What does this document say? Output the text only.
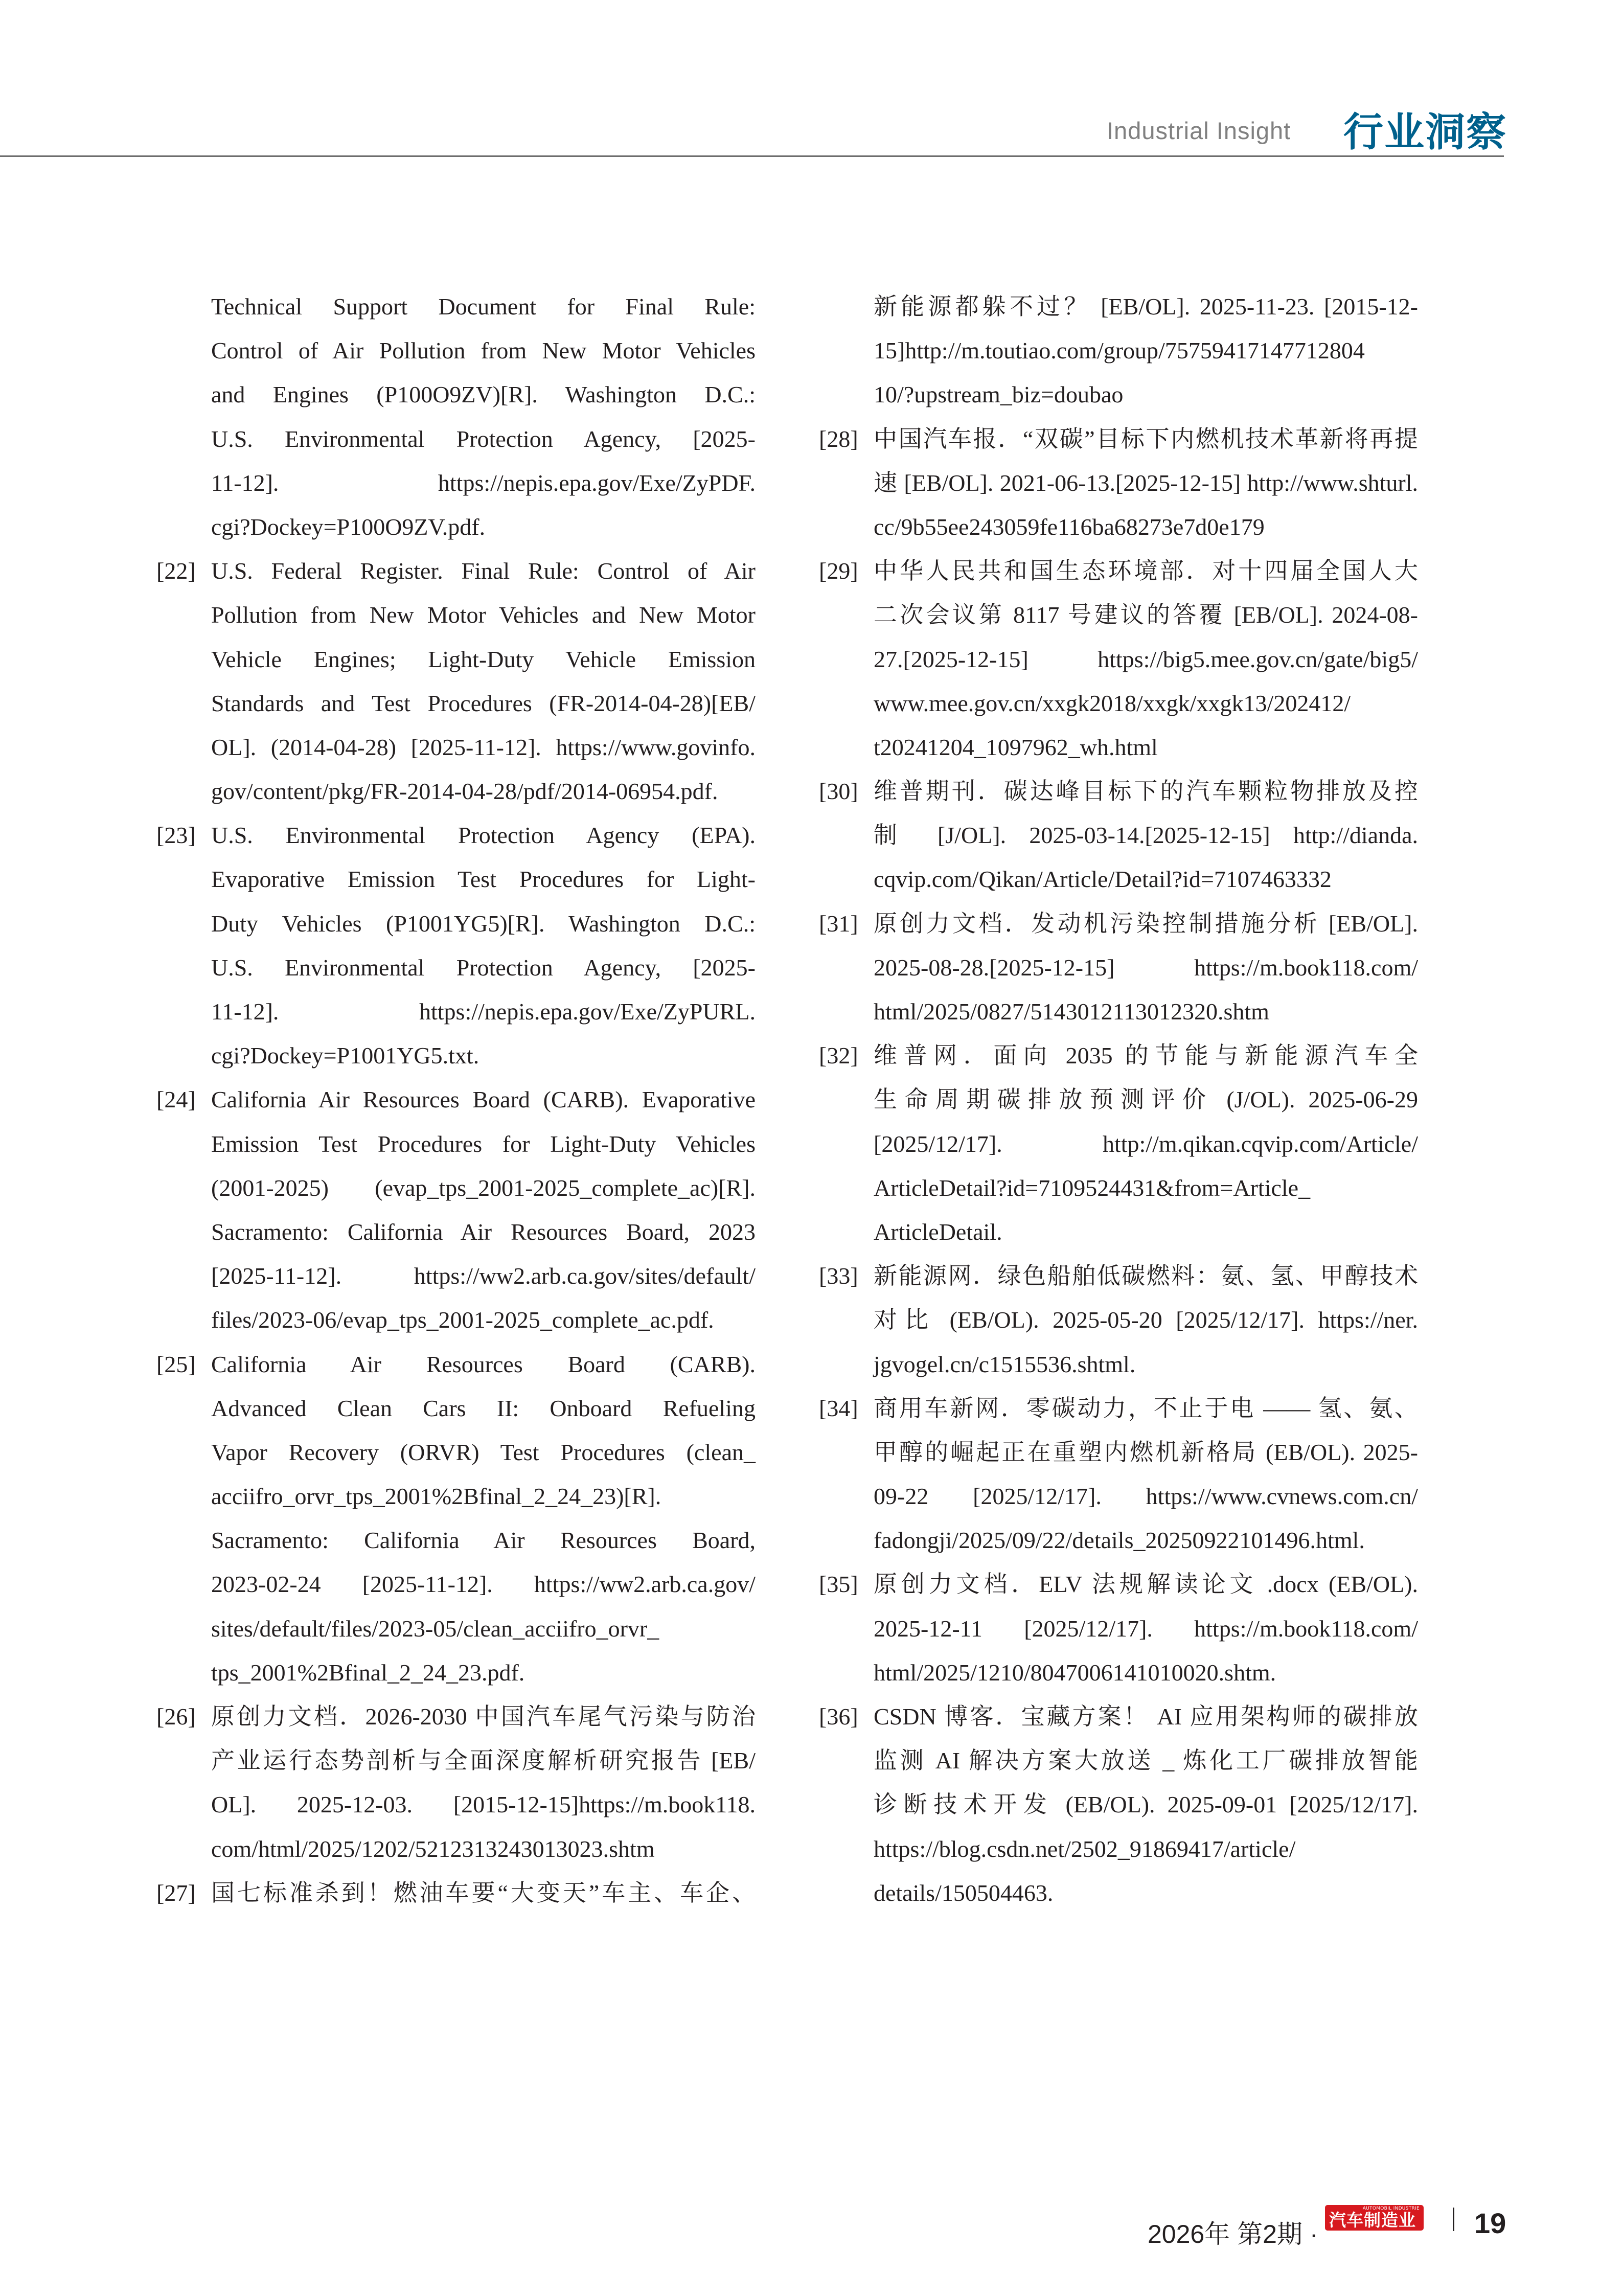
Industrial Insight 行业洞察
Technical Support Document for Final Rule:
Control of Air Pollution from New Motor Vehicles
and Engines (P100O9ZV)[R]. Washington D.C.:
U.S. Environmental Protection Agency, [2025-
11-12]. https://nepis.epa.gov/Exe/ZyPDF.
cgi?Dockey=P100O9ZV.pdf.
[22] U.S. Federal Register. Final Rule: Control of Air
Pollution from New Motor Vehicles and New Motor
Vehicle Engines; Light-Duty Vehicle Emission
Standards and Test Procedures (FR-2014-04-28)[EB/
OL]. (2014-04-28) [2025-11-12]. https://www.govinfo.
gov/content/pkg/FR-2014-04-28/pdf/2014-06954.pdf.
[23] U.S. Environmental Protection Agency (EPA).
Evaporative Emission Test Procedures for Light-
Duty Vehicles (P1001YG5)[R]. Washington D.C.:
U.S. Environmental Protection Agency, [2025-
11-12]. https://nepis.epa.gov/Exe/ZyPURL.
cgi?Dockey=P1001YG5.txt.
[24] California Air Resources Board (CARB). Evaporative
Emission Test Procedures for Light-Duty Vehicles
(2001-2025) (evap_tps_2001-2025_complete_ac)[R].
Sacramento: California Air Resources Board, 2023
[2025-11-12]. https://ww2.arb.ca.gov/sites/default/
files/2023-06/evap_tps_2001-2025_complete_ac.pdf.
[25] California Air Resources Board (CARB).
Advanced Clean Cars II: Onboard Refueling
Vapor Recovery (ORVR) Test Procedures (clean_
acciifro_orvr_tps_2001%2Bfinal_2_24_23)[R].
Sacramento: California Air Resources Board,
2023-02-24 [2025-11-12]. https://ww2.arb.ca.gov/
sites/default/files/2023-05/clean_acciifro_orvr_
tps_2001%2Bfinal_2_24_23.pdf.
[26] 原创力文档．2026-2030 中国汽车尾气污染与防治
产业运行态势剖析与全面深度解析研究报告 [EB/
OL]. 2025-12-03. [2015-12-15]https://m.book118.
com/html/2025/1202/5212313243013023.shtm
[27] 国七标准杀到！燃油车要“大变天”车主、车企、
新能源都躲不过？ [EB/OL]. 2025-11-23. [2015-12-
15]http://m.toutiao.com/group/75759417147712804
10/?upstream_biz=doubao
[28] 中国汽车报．“双碳”目标下内燃机技术革新将再提
速 [EB/OL]. 2021-06-13.[2025-12-15] http://www.shturl.
cc/9b55ee243059fe116ba68273e7d0e179
[29] 中华人民共和国生态环境部．对十四届全国人大
二次会议第 8117 号建议的答覆 [EB/OL]. 2024-08-
27.[2025-12-15] https://big5.mee.gov.cn/gate/big5/
www.mee.gov.cn/xxgk2018/xxgk/xxgk13/202412/
t20241204_1097962_wh.html
[30] 维普期刊．碳达峰目标下的汽车颗粒物排放及控
制 [J/OL]. 2025-03-14.[2025-12-15] http://dianda.
cqvip.com/Qikan/Article/Detail?id=7107463332
[31] 原创力文档．发动机污染控制措施分析 [EB/OL].
2025-08-28.[2025-12-15] https://m.book118.com/
html/2025/0827/5143012113012320.shtm
[32] 维普网．面向 2035 的节能与新能源汽车全
生命周期碳排放预测评价 (J/OL). 2025-06-29
[2025/12/17]. http://m.qikan.cqvip.com/Article/
ArticleDetail?id=7109524431&from=Article_
ArticleDetail.
[33] 新能源网．绿色船舶低碳燃料：氨、氢、甲醇技术
对比 (EB/OL). 2025-05-20 [2025/12/17]. https://ner.
jgvogel.cn/c1515536.shtml.
[34] 商用车新网．零碳动力，不止于电 —— 氢、氨、
甲醇的崛起正在重塑内燃机新格局 (EB/OL). 2025-
09-22 [2025/12/17]. https://www.cvnews.com.cn/
fadongji/2025/09/22/details_20250922101496.html.
[35] 原创力文档．ELV 法规解读论文 .docx (EB/OL).
2025-12-11 [2025/12/17]. https://m.book118.com/
html/2025/1210/8047006141010020.shtm.
[36] CSDN 博客．宝藏方案！ AI 应用架构师的碳排放
监测 AI 解决方案大放送 _ 炼化工厂碳排放智能
诊断技术开发 (EB/OL). 2025-09-01 [2025/12/17].
https://blog.csdn.net/2502_91869417/article/
details/150504463.
2026年 第2期 ·
AUTOMOBIL INDUSTRIE
汽车制造业 19
